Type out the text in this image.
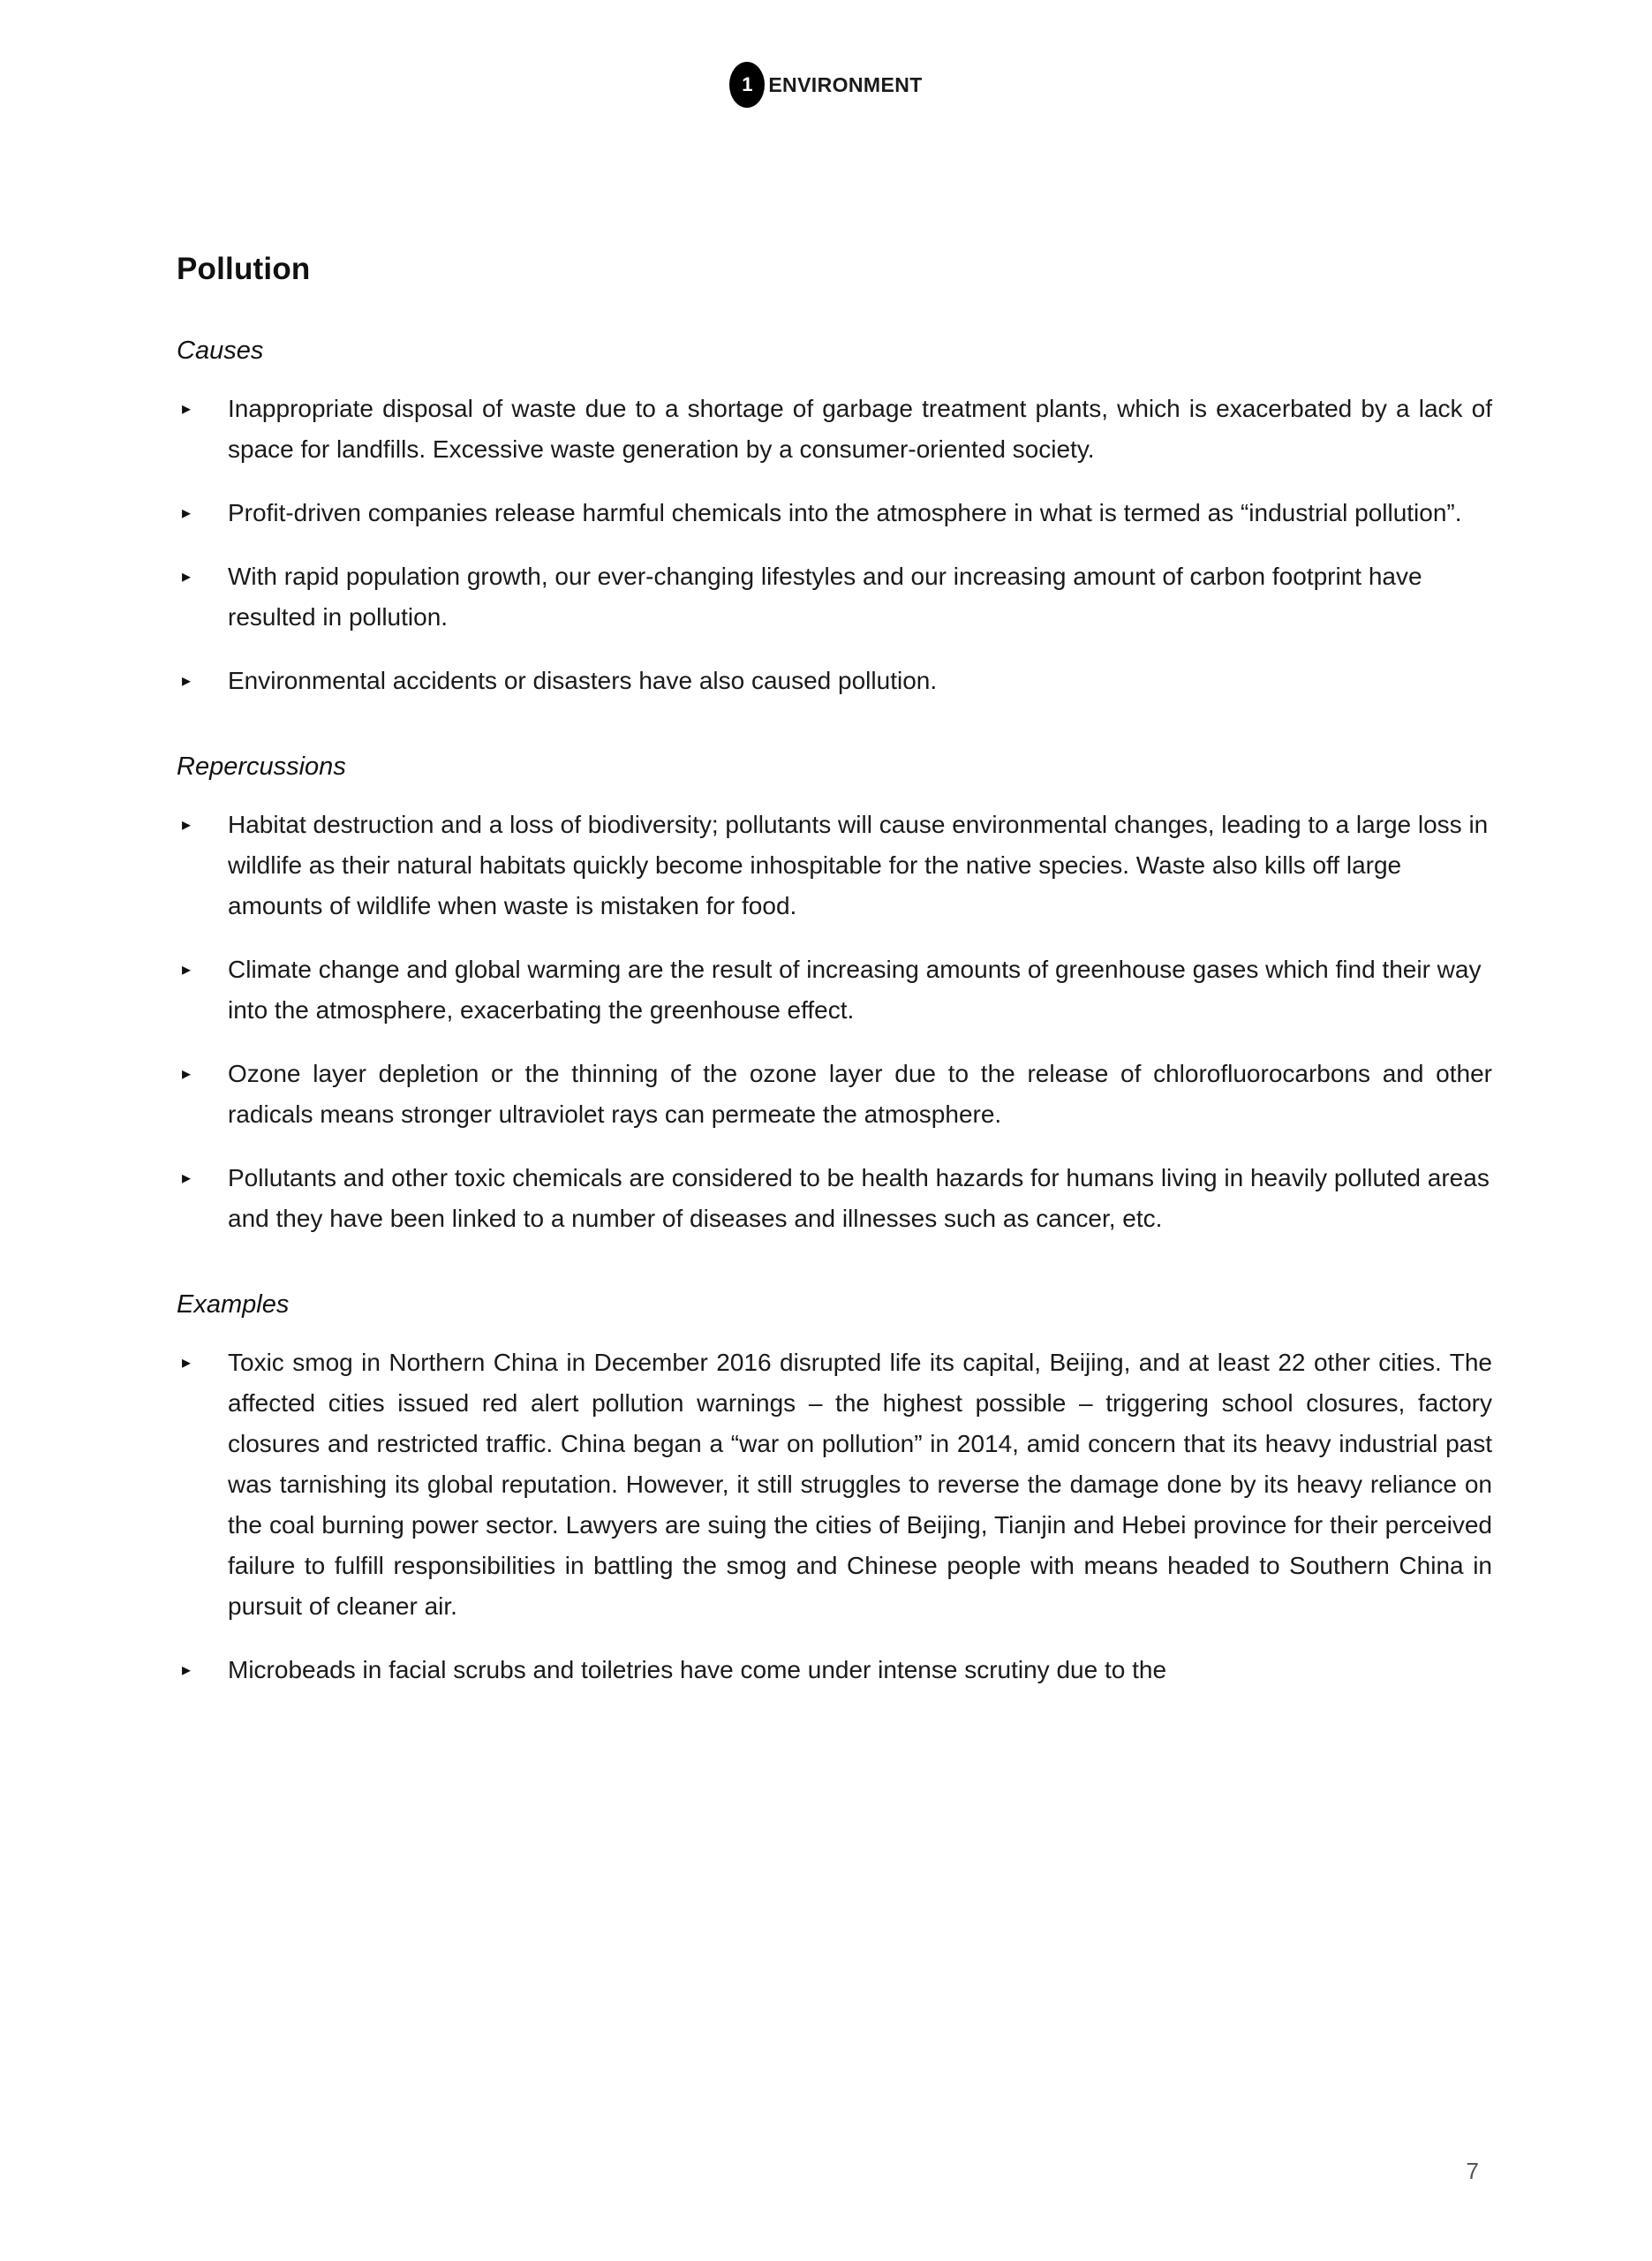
1 ENVIRONMENT
Pollution
Causes
▸	Inappropriate disposal of waste due to a shortage of garbage treatment plants, which is exacerbated by a lack of space for landfills. Excessive waste generation by a consumer-oriented society.
▸	Profit-driven companies release harmful chemicals into the atmosphere in what is termed as “industrial pollution”.
▸	With rapid population growth, our ever-changing lifestyles and our increasing amount of carbon footprint have resulted in pollution.
▸	Environmental accidents or disasters have also caused pollution.
Repercussions
▸	Habitat destruction and a loss of biodiversity; pollutants will cause environmental changes, leading to a large loss in wildlife as their natural habitats quickly become inhospitable for the native species. Waste also kills off large amounts of wildlife when waste is mistaken for food.
▸	Climate change and global warming are the result of increasing amounts of greenhouse gases which find their way into the atmosphere, exacerbating the greenhouse effect.
▸	Ozone layer depletion or the thinning of the ozone layer due to the release of chlorofluorocarbons and other radicals means stronger ultraviolet rays can permeate the atmosphere.
▸	Pollutants and other toxic chemicals are considered to be health hazards for humans living in heavily polluted areas and they have been linked to a number of diseases and illnesses such as cancer, etc.
Examples
▸	Toxic smog in Northern China in December 2016 disrupted life its capital, Beijing, and at least 22 other cities. The affected cities issued red alert pollution warnings – the highest possible – triggering school closures, factory closures and restricted traffic. China began a “war on pollution” in 2014, amid concern that its heavy industrial past was tarnishing its global reputation. However, it still struggles to reverse the damage done by its heavy reliance on the coal burning power sector. Lawyers are suing the cities of Beijing, Tianjin and Hebei province for their perceived failure to fulfill responsibilities in battling the smog and Chinese people with means headed to Southern China in pursuit of cleaner air.
▸	Microbeads in facial scrubs and toiletries have come under intense scrutiny due to the
7
